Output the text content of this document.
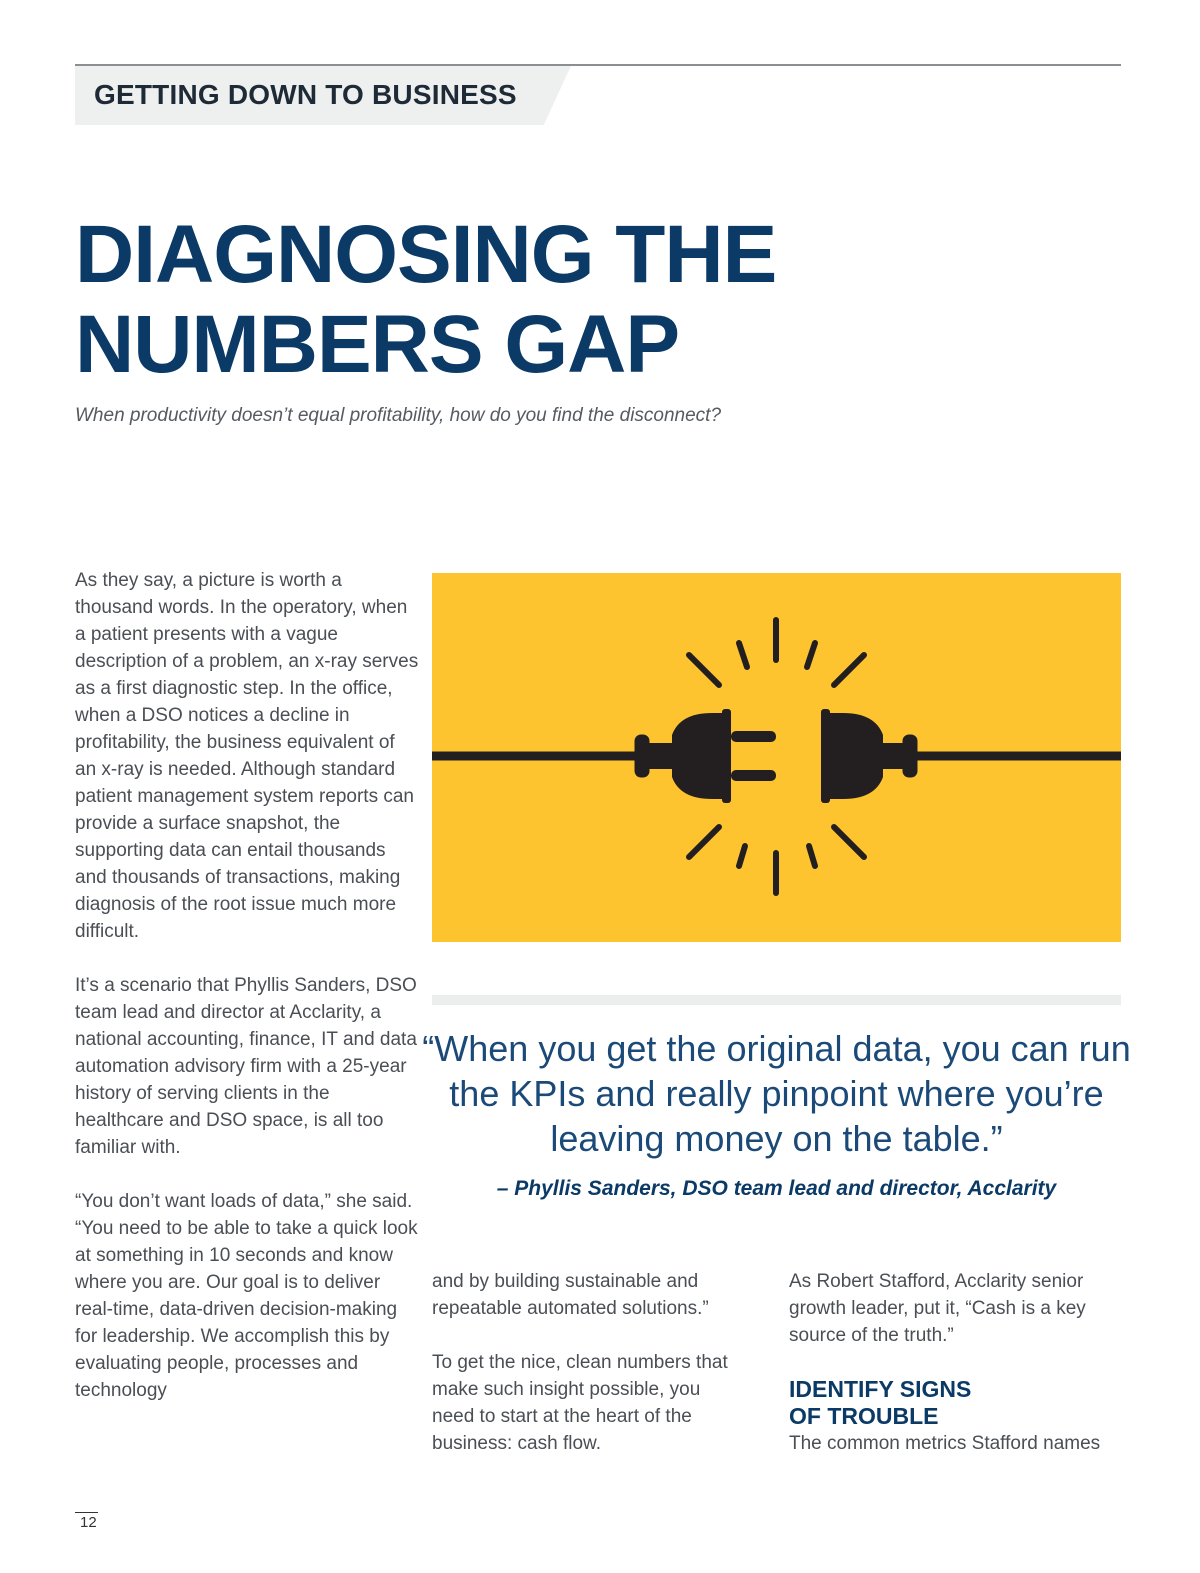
GETTING DOWN TO BUSINESS
DIAGNOSING THE
NUMBERS GAP

When productivity doesn’t equal profitability, how do you find the disconnect?

As they say, a picture is worth a thousand words. In the operatory, when a patient presents with a vague description of a problem, an x-ray serves as a first diagnostic step. In the office, when a DSO notices a decline in profitability, the business equivalent of an x-ray is needed. Although standard patient management system reports can provide a surface snapshot, the supporting data can entail thousands and thousands of transactions, making diagnosis of the root issue much more difficult.

It’s a scenario that Phyllis Sanders, DSO team lead and director at Acclarity, a national accounting, finance, IT and data automation advisory firm with a 25-year history of serving clients in the healthcare and DSO space, is all too familiar with.

“You don’t want loads of data,” she said. “You need to be able to take a quick look at something in 10 seconds and know where you are. Our goal is to deliver real-time, data-driven decision-making for leadership. We accomplish this by evaluating people, processes and technology

“When you get the original data, you can run the KPIs and really pinpoint where you’re leaving money on the table.”

– Phyllis Sanders, DSO team lead and director, Acclarity

and by building sustainable and repeatable automated solutions.”

To get the nice, clean numbers that make such insight possible, you need to start at the heart of the business: cash flow.

As Robert Stafford, Acclarity senior growth leader, put it, “Cash is a key source of the truth.”

IDENTIFY SIGNS
OF TROUBLE

The common metrics Stafford names

12
